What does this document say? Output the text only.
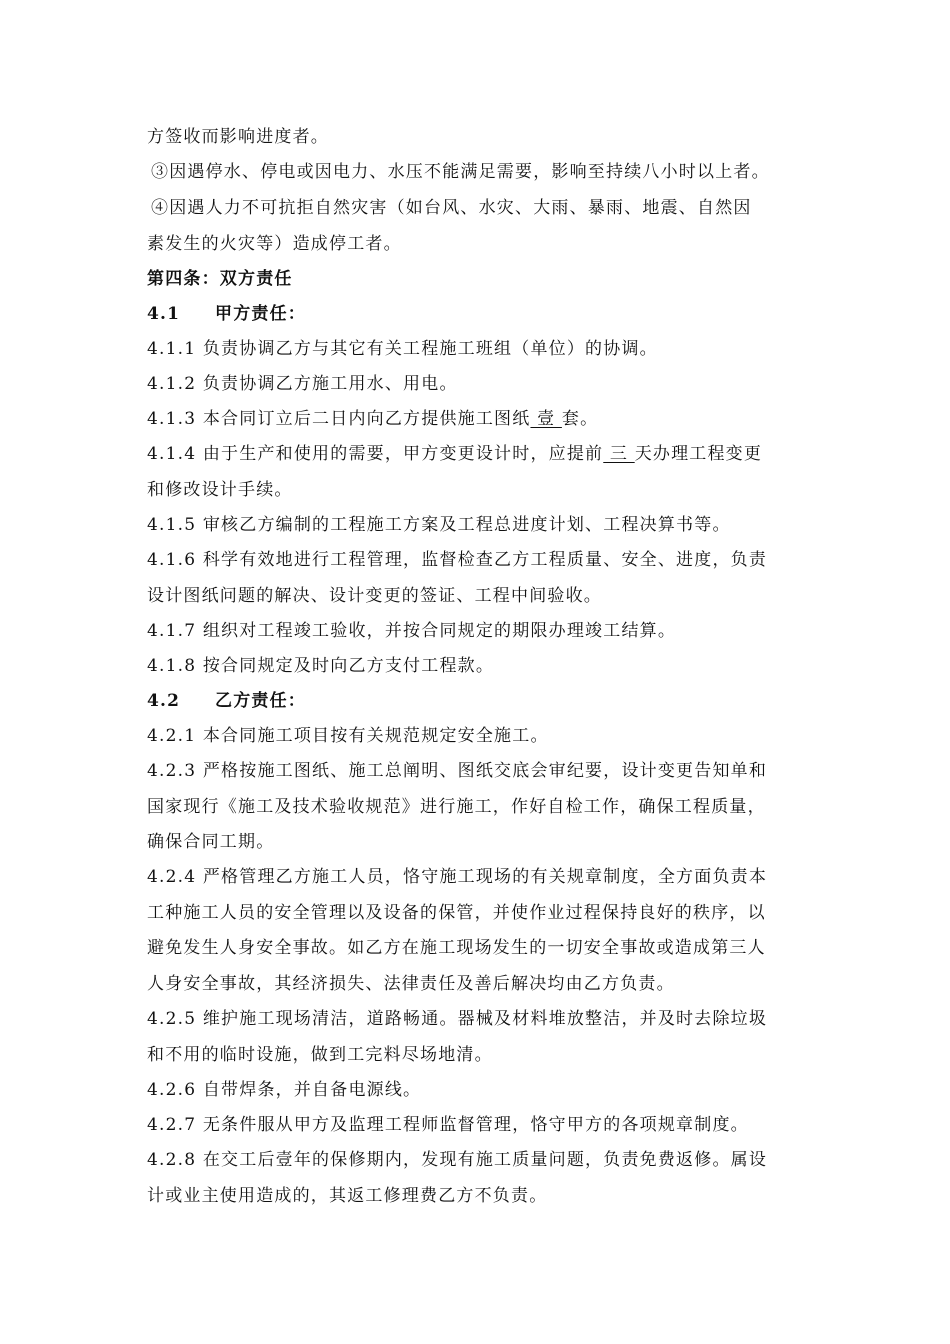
方签收而影响进度者。
③因遇停水、停电或因电力、水压不能满足需要，影响至持续八小时以上者。
④因遇人力不可抗拒自然灾害（如台风、水灾、大雨、暴雨、地震、自然因
素发生的火灾等）造成停工者。
第四条：双方责任
4.1 甲方责任：
4.1.1 负责协调乙方与其它有关工程施工班组（单位）的协调。
4.1.2 负责协调乙方施工用水、用电。
4.1.3 本合同订立后二日内向乙方提供施工图纸 壹 套。
4.1.4 由于生产和使用的需要，甲方变更设计时，应提前 三 天办理工程变更
和修改设计手续。
4.1.5 审核乙方编制的工程施工方案及工程总进度计划、工程决算书等。
4.1.6 科学有效地进行工程管理，监督检查乙方工程质量、安全、进度，负责
设计图纸问题的解决、设计变更的签证、工程中间验收。
4.1.7 组织对工程竣工验收，并按合同规定的期限办理竣工结算。
4.1.8 按合同规定及时向乙方支付工程款。
4.2 乙方责任：
4.2.1 本合同施工项目按有关规范规定安全施工。
4.2.3 严格按施工图纸、施工总阐明、图纸交底会审纪要，设计变更告知单和
国家现行《施工及技术验收规范》进行施工，作好自检工作，确保工程质量，
确保合同工期。
4.2.4 严格管理乙方施工人员，恪守施工现场的有关规章制度，全方面负责本
工种施工人员的安全管理以及设备的保管，并使作业过程保持良好的秩序，以
避免发生人身安全事故。如乙方在施工现场发生的一切安全事故或造成第三人
人身安全事故，其经济损失、法律责任及善后解决均由乙方负责。
4.2.5 维护施工现场清洁，道路畅通。器械及材料堆放整洁，并及时去除垃圾
和不用的临时设施，做到工完料尽场地清。
4.2.6 自带焊条，并自备电源线。
4.2.7 无条件服从甲方及监理工程师监督管理，恪守甲方的各项规章制度。
4.2.8 在交工后壹年的保修期内，发现有施工质量问题，负责免费返修。属设
计或业主使用造成的，其返工修理费乙方不负责。
